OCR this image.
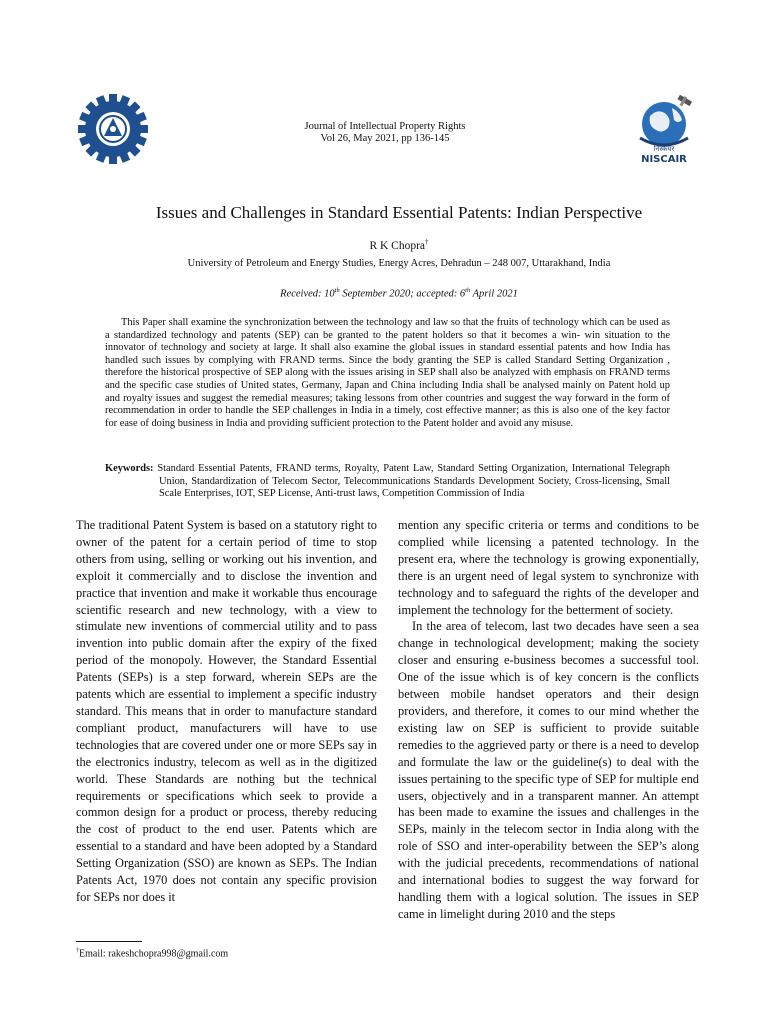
निस्केयर
NISCAIR
Journal of Intellectual Property Rights
Vol 26, May 2021, pp 136-145
Issues and Challenges in Standard Essential Patents: Indian Perspective
R K Chopra†
University of Petroleum and Energy Studies, Energy Acres, Dehradun – 248 007, Uttarakhand, India
Received: 10th September 2020; accepted: 6th April 2021

This Paper shall examine the synchronization between the technology and law so that the fruits of technology which can be used as a standardized technology and patents (SEP) can be granted to the patent holders so that it becomes a win- win situation to the innovator of technology and society at large. It shall also examine the global issues in standard essential patents and how India has handled such issues by complying with FRAND terms. Since the body granting the SEP is called Standard Setting Organization , therefore the historical prospective of SEP along with the issues arising in SEP shall also be analyzed with emphasis on FRAND terms and the specific case studies of United states, Germany, Japan and China including India shall be analysed mainly on Patent hold up and royalty issues and suggest the remedial measures; taking lessons from other countries and suggest the way forward in the form of recommendation in order to handle the SEP challenges in India in a timely, cost effective manner; as this is also one of the key factor for ease of doing business in India and providing sufficient protection to the Patent holder and avoid any misuse.

Keywords: Standard Essential Patents, FRAND terms, Royalty, Patent Law, Standard Setting Organization, International Telegraph Union, Standardization of Telecom Sector, Telecommunications Standards Development Society, Cross-licensing, Small Scale Enterprises, IOT, SEP License, Anti-trust laws, Competition Commission of India

The traditional Patent System is based on a statutory right to owner of the patent for a certain period of time to stop others from using, selling or working out his invention, and exploit it commercially and to disclose the invention and practice that invention and make it workable thus encourage scientific research and new technology, with a view to stimulate new inventions of commercial utility and to pass invention into public domain after the expiry of the fixed period of the monopoly. However, the Standard Essential Patents (SEPs) is a step forward, wherein SEPs are the patents which are essential to implement a specific industry standard. This means that in order to manufacture standard compliant product, manufacturers will have to use technologies that are covered under one or more SEPs say in the electronics industry, telecom as well as in the digitized world. These Standards are nothing but the technical requirements or specifications which seek to provide a common design for a product or process, thereby reducing the cost of product to the end user. Patents which are essential to a standard and have been adopted by a Standard Setting Organization (SSO) are known as SEPs. The Indian Patents Act, 1970 does not contain any specific provision for SEPs nor does it

mention any specific criteria or terms and conditions to be complied while licensing a patented technology. In the present era, where the technology is growing exponentially, there is an urgent need of legal system to synchronize with technology and to safeguard the rights of the developer and implement the technology for the betterment of society.

In the area of telecom, last two decades have seen a sea change in technological development; making the society closer and ensuring e-business becomes a successful tool. One of the issue which is of key concern is the conflicts between mobile handset operators and their design providers, and therefore, it comes to our mind whether the existing law on SEP is sufficient to provide suitable remedies to the aggrieved party or there is a need to develop and formulate the law or the guideline(s) to deal with the issues pertaining to the specific type of SEP for multiple end users, objectively and in a transparent manner. An attempt has been made to examine the issues and challenges in the SEPs, mainly in the telecom sector in India along with the role of SSO and inter-operability between the SEP’s along with the judicial precedents, recommendations of national and international bodies to suggest the way forward for handling them with a logical solution. The issues in SEP came in limelight during 2010 and the steps

†Email: rakeshchopra998@gmail.com
